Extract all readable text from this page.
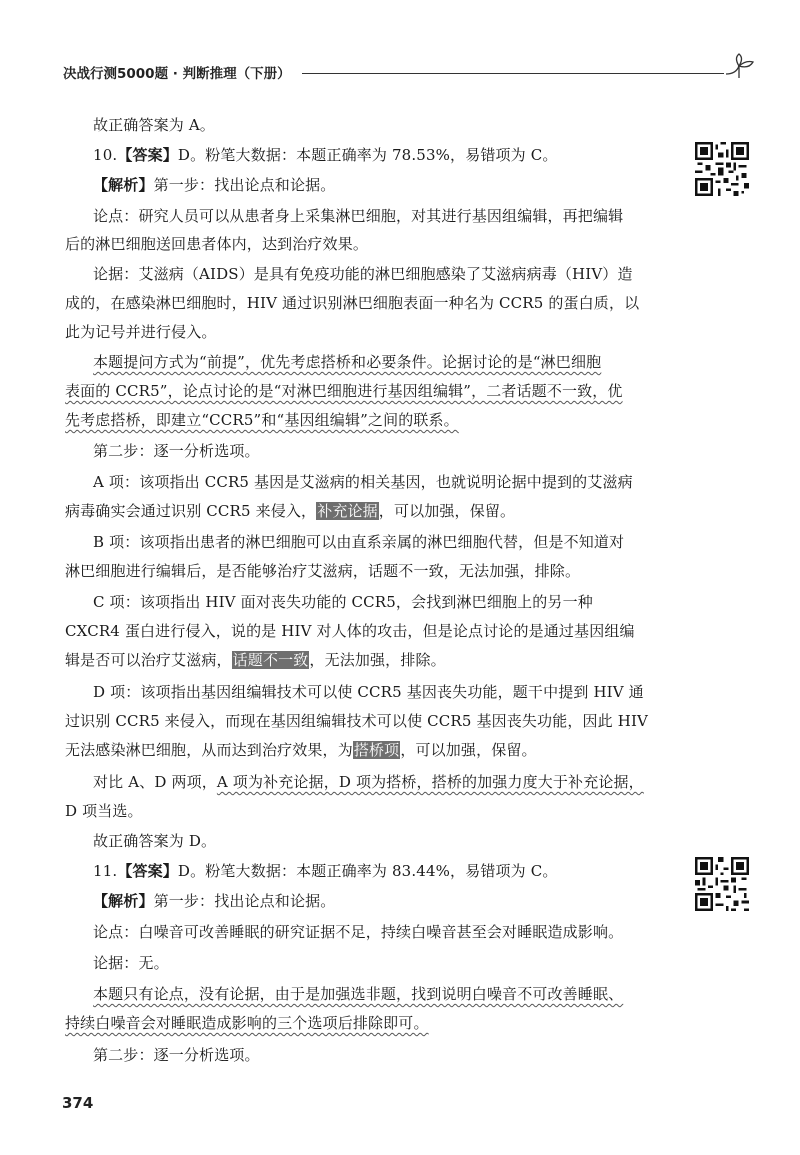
决战行测5000题 · 判断推理（下册）
故正确答案为 A。
10.【答案】D。粉笔大数据：本题正确率为 78.53%，易错项为 C。
【解析】第一步：找出论点和论据。
论点：研究人员可以从患者身上采集淋巴细胞，对其进行基因组编辑，再把编辑
后的淋巴细胞送回患者体内，达到治疗效果。
论据：艾滋病（AIDS）是具有免疫功能的淋巴细胞感染了艾滋病病毒（HIV）造
成的，在感染淋巴细胞时，HIV 通过识别淋巴细胞表面一种名为 CCR5 的蛋白质，以
此为记号并进行侵入。
本题提问方式为“前提”，优先考虑搭桥和必要条件。论据讨论的是“淋巴细胞
表面的 CCR5”，论点讨论的是“对淋巴细胞进行基因组编辑”，二者话题不一致，优
先考虑搭桥，即建立“CCR5”和“基因组编辑”之间的联系。
第二步：逐一分析选项。
A 项：该项指出 CCR5 基因是艾滋病的相关基因，也就说明论据中提到的艾滋病
病毒确实会通过识别 CCR5 来侵入，补充论据，可以加强，保留。
B 项：该项指出患者的淋巴细胞可以由直系亲属的淋巴细胞代替，但是不知道对
淋巴细胞进行编辑后，是否能够治疗艾滋病，话题不一致，无法加强，排除。
C 项：该项指出 HIV 面对丧失功能的 CCR5，会找到淋巴细胞上的另一种
CXCR4 蛋白进行侵入，说的是 HIV 对人体的攻击，但是论点讨论的是通过基因组编
辑是否可以治疗艾滋病，话题不一致，无法加强，排除。
D 项：该项指出基因组编辑技术可以使 CCR5 基因丧失功能，题干中提到 HIV 通
过识别 CCR5 来侵入，而现在基因组编辑技术可以使 CCR5 基因丧失功能，因此 HIV
无法感染淋巴细胞，从而达到治疗效果，为搭桥项，可以加强，保留。
对比 A、D 两项，A 项为补充论据，D 项为搭桥，搭桥的加强力度大于补充论据，
D 项当选。
故正确答案为 D。
11.【答案】D。粉笔大数据：本题正确率为 83.44%，易错项为 C。
【解析】第一步：找出论点和论据。
论点：白噪音可改善睡眠的研究证据不足，持续白噪音甚至会对睡眠造成影响。
论据：无。
本题只有论点，没有论据，由于是加强选非题，找到说明白噪音不可改善睡眠、
持续白噪音会对睡眠造成影响的三个选项后排除即可。
第二步：逐一分析选项。
374
